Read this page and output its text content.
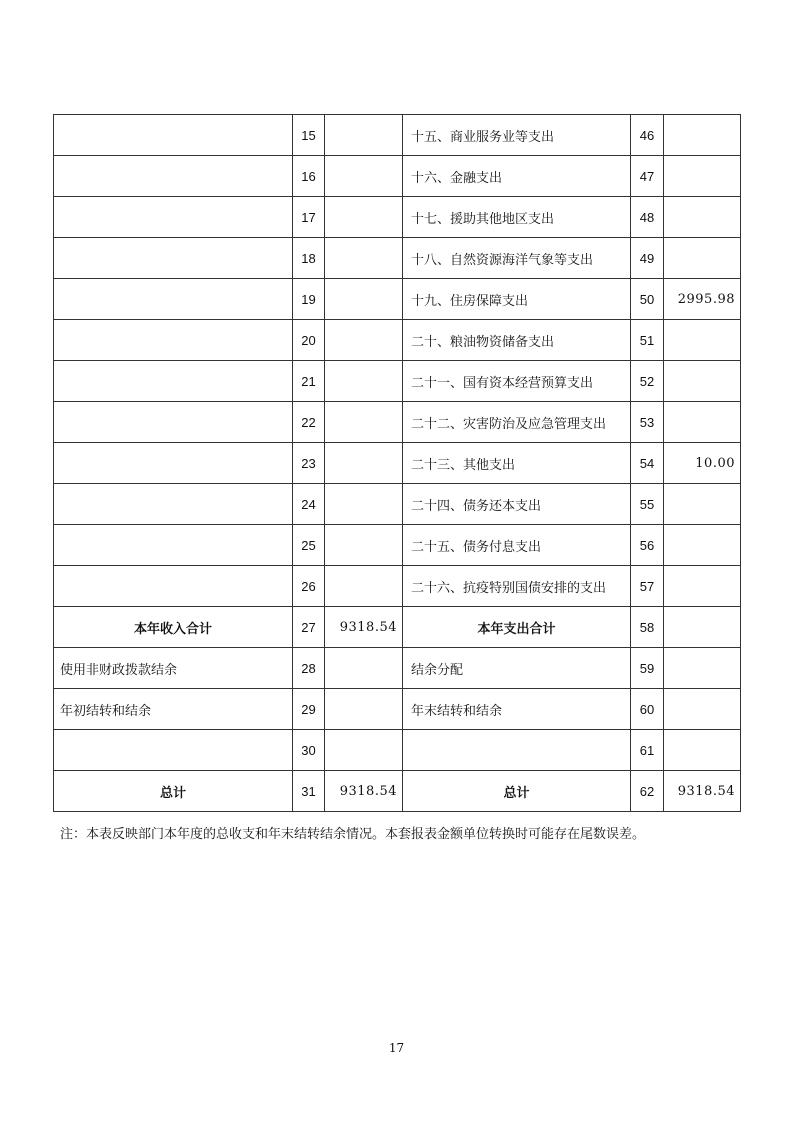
	15		十五、商业服务业等支出	46	
	16		十六、金融支出	47	
	17		十七、援助其他地区支出	48	
	18		十八、自然资源海洋气象等支出	49	
	19		十九、住房保障支出	50	2995.98
	20		二十、粮油物资储备支出	51	
	21		二十一、国有资本经营预算支出	52	
	22		二十二、灾害防治及应急管理支出	53	
	23		二十三、其他支出	54	10.00
	24		二十四、债务还本支出	55	
	25		二十五、债务付息支出	56	
	26		二十六、抗疫特别国债安排的支出	57	
本年收入合计	27	9318.54	本年支出合计	58	
使用非财政拨款结余	28		结余分配	59	
年初结转和结余	29		年末结转和结余	60	
	30			61	
总计	31	9318.54	总计	62	9318.54
注：本表反映部门本年度的总收支和年末结转结余情况。本套报表金额单位转换时可能存在尾数误差。
17
